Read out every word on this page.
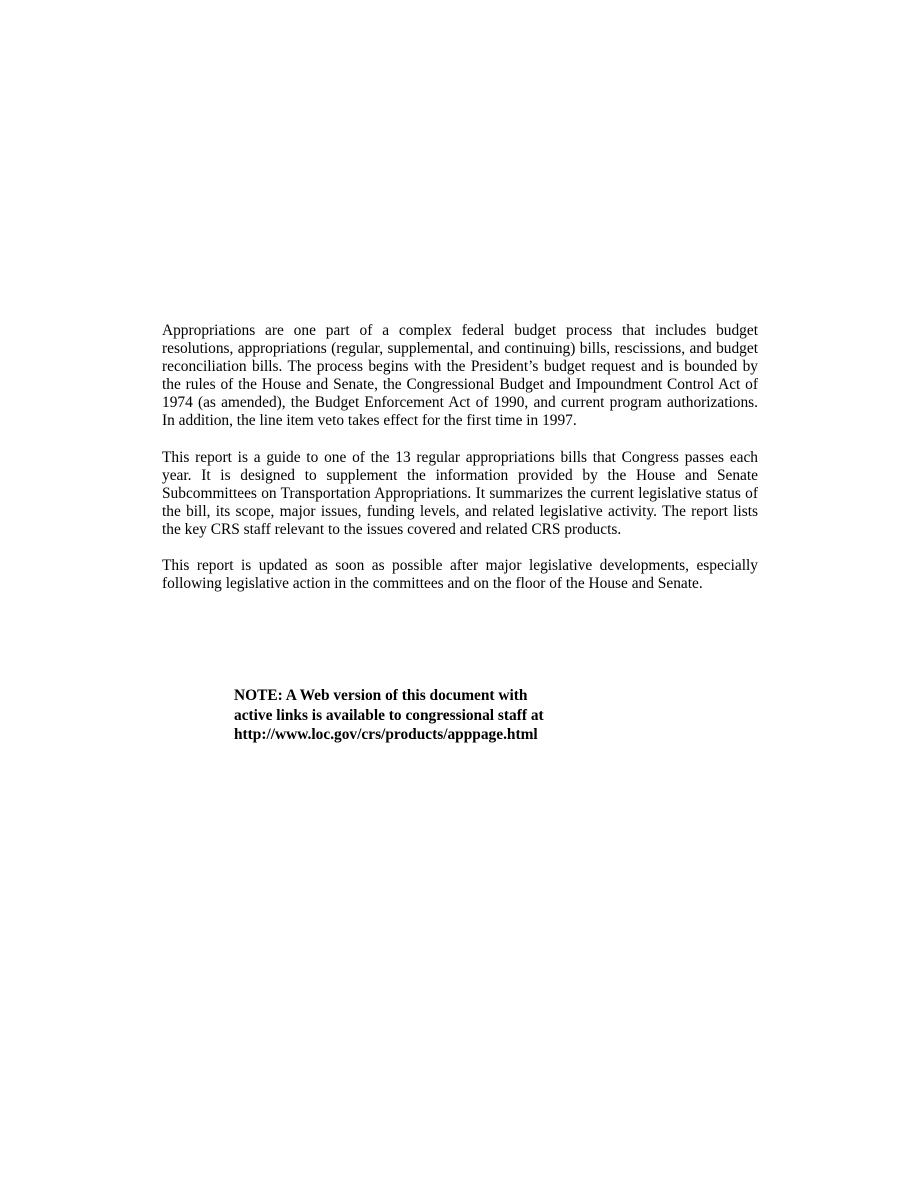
Appropriations are one part of a complex federal budget process that includes budget resolutions, appropriations (regular, supplemental, and continuing) bills, rescissions, and budget reconciliation bills. The process begins with the President’s budget request and is bounded by the rules of the House and Senate, the Congressional Budget and Impoundment Control Act of 1974 (as amended), the Budget Enforcement Act of 1990, and current program authorizations. In addition, the line item veto takes effect for the first time in 1997.

This report is a guide to one of the 13 regular appropriations bills that Congress passes each year. It is designed to supplement the information provided by the House and Senate Subcommittees on Transportation Appropriations. It summarizes the current legislative status of the bill, its scope, major issues, funding levels, and related legislative activity. The report lists the key CRS staff relevant to the issues covered and related CRS products.

This report is updated as soon as possible after major legislative developments, especially following legislative action in the committees and on the floor of the House and Senate.

NOTE: A Web version of this document with
active links is available to congressional staff at
http://www.loc.gov/crs/products/apppage.html
